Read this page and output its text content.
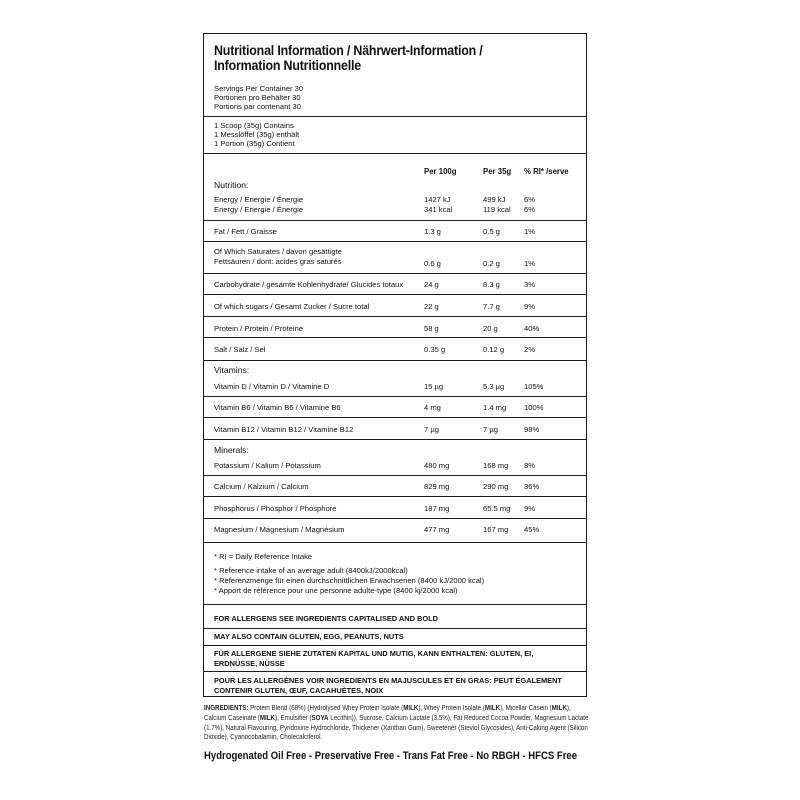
Nutritional Information / Nährwert-Information /
Information Nutritionnelle
Servings Per Container 30
Portionen pro Behälter 30
Portions par contenant 30
1 Scoop (35g) Contains
1 Messlöffel (35g) enthält
1 Portion (35g) Contient
Per 100g	Per 35g % RI* /serve
Nutrition:
Energy / Energie / Énergie	1427 kJ	499 kJ 6%
Energy / Energie / Énergie	341 kcal	119 kcal 6%
Fat / Fett / Graisse	1.3 g	0.5 g	1%
Of Which Saturates / davon gesättigte
Fettsäuren / dont: acides gras saturés	0.6 g	0.2 g	1%
Carbohydrate / gesamte Kohlenhydrate/ Glucides totaux	24 g	8.3 g	3%
Of which sugars / Gesamt Zucker / Sucre total	22 g	7.7 g	9%
Protein / Protein / Proteine	58 g	20 g	40%
Salt / Salz / Sel	0.35 g	0.12 g	2%
Vitamins:
Vitamin D / Vitamin D / Vitamine D	15 µg	5.3 µg	105%
Vitamin B6 / Vitamin B6 / Vitamine B6	4 mg	1.4 mg 100%
Vitamin B12 / Vitamin B12 / Vitamine B12	7 µg	7 µg	98%
Minerals:
Potassium / Kalium / Potassium	480 mg	168 mg 8%
Calcium / Kalzium / Calcium	829 mg	290 mg 36%
Phosphorus / Phosphor / Phosphore	187 mg	65.5 mg 9%
Magnesium / Magnesium / Magnésium	477 mg	167 mg 45%
* RI = Daily Reference Intake
* Reference intake of an average adult (8400kJ/2000kcal)
* Referenzmenge für einen durchschnittlichen Erwachsenen (8400 kJ/2000 kcal)
* Apport de référence pour une personne adulte-type (8400 kj/2000 kcal)
FOR ALLERGENS SEE INGREDIENTS CAPITALISED AND BOLD
MAY ALSO CONTAIN GLUTEN, EGG, PEANUTS, NUTS
FÜR ALLERGENE SIEHE ZUTATEN KAPITAL UND MUTIG, KANN ENTHALTEN: GLUTEN, EI, ERDNÜSSE, NÜSSE
POUR LES ALLERGÈNES VOIR INGREDIENTS EN MAJUSCULES ET EN GRAS: PEUT ÉGALEMENT CONTENIR GLUTEN, ŒUF, CACAHUÈTES, NOIX
INGREDIENTS: Protein Blend (68%) (Hydrolysed Whey Protein Isolate (MILK), Whey Protein Isolate (MILK), Micellar Casein (MILK), Calcium Caseinate (MILK), Emulsifier (SOYA Lecithin)), Sucrose, Calcium Lactate (3.5%), Fat Reduced Cocoa Powder, Magnesium Lactate (1.7%), Natural Flavouring, Pyridoxine Hydrochloride, Thickener (Xanthan Gum), Sweetener (Steviol Glycosides), Anti-Caking Agent (Silicon Dioxide), Cyanocobalamin, Cholecalciferol.
Hydrogenated Oil Free - Preservative Free - Trans Fat Free - No RBGH - HFCS Free
